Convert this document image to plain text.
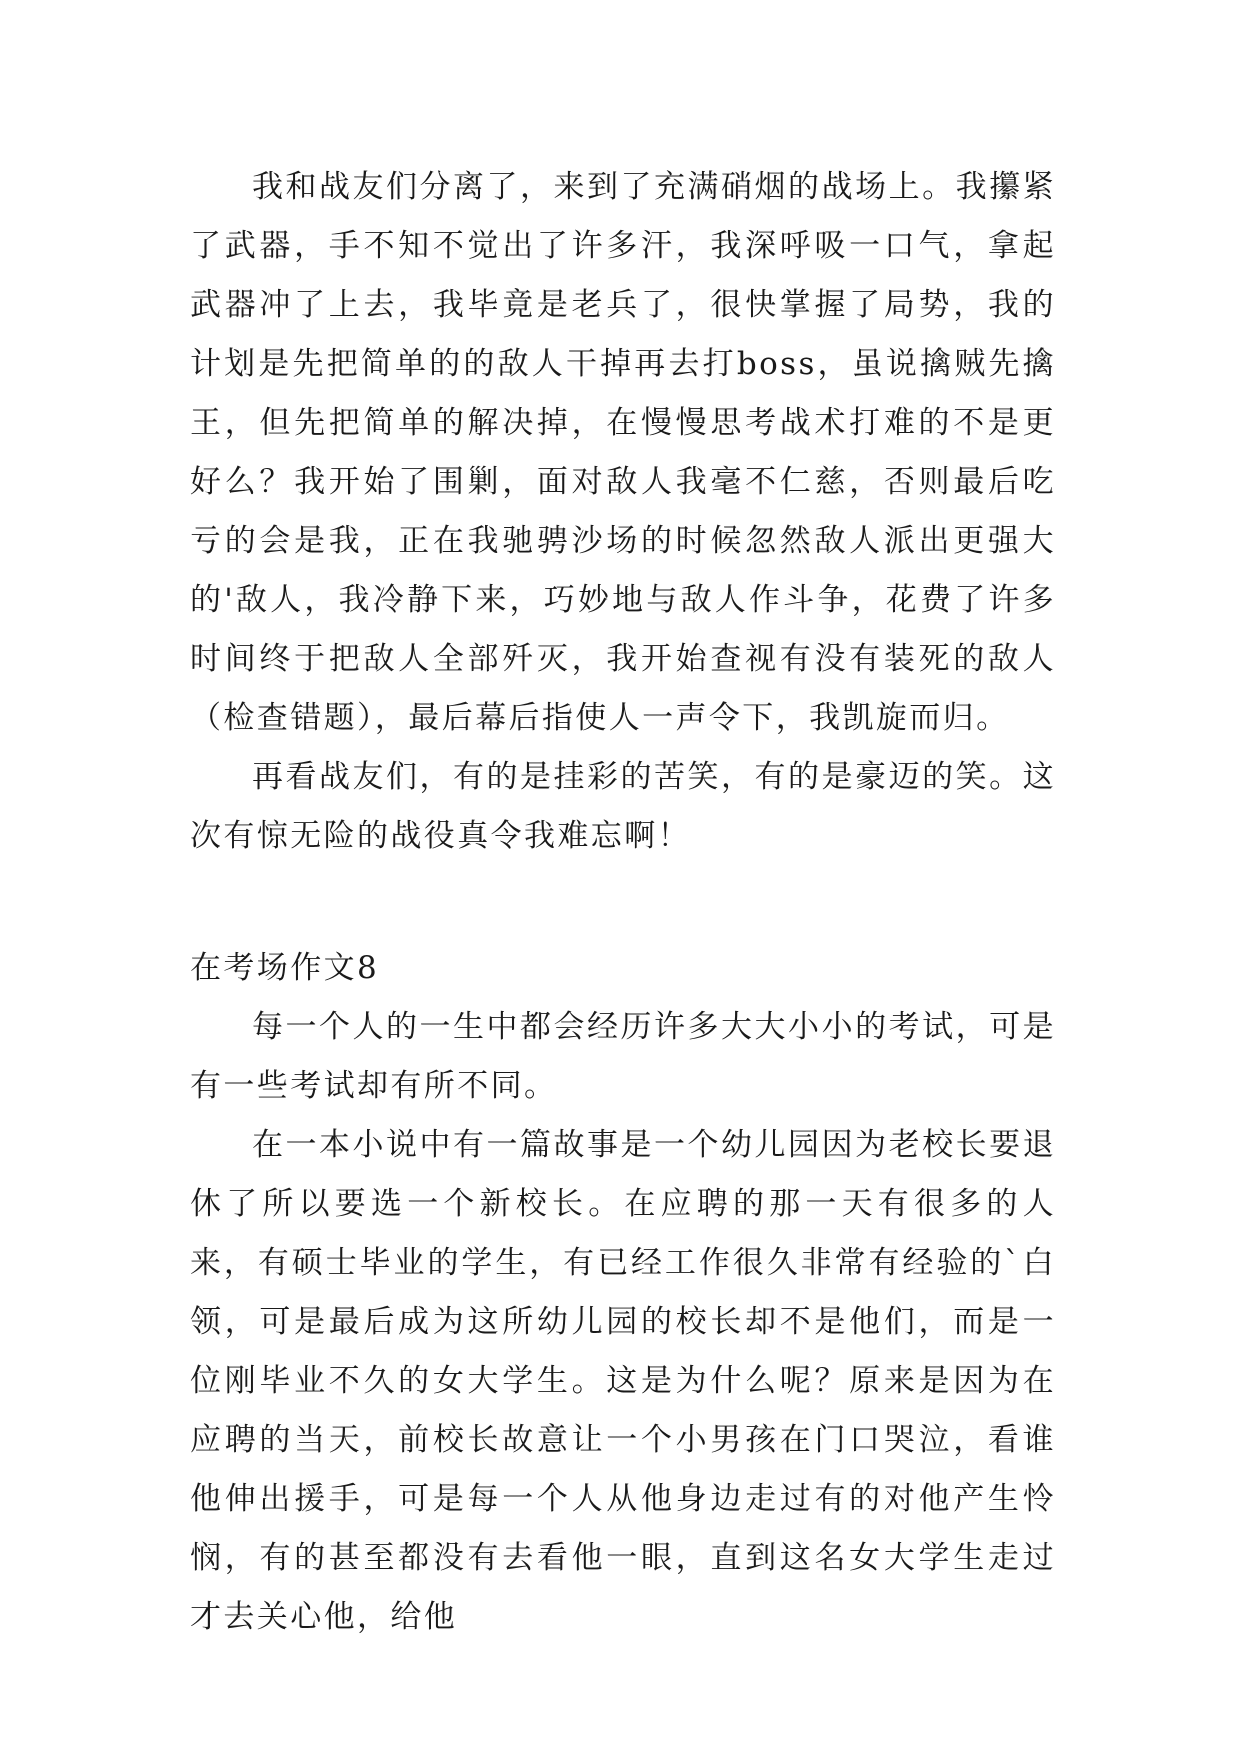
我和战友们分离了，来到了充满硝烟的战场上。我攥紧了武器，手不知不觉出了许多汗，我深呼吸一口气，拿起武器冲了上去，我毕竟是老兵了，很快掌握了局势，我的计划是先把简单的的敌人干掉再去打boss，虽说擒贼先擒王，但先把简单的解决掉，在慢慢思考战术打难的不是更好么？我开始了围剿，面对敌人我毫不仁慈，否则最后吃亏的会是我，正在我驰骋沙场的时候忽然敌人派出更强大的'敌人，我冷静下来，巧妙地与敌人作斗争，花费了许多时间终于把敌人全部歼灭，我开始查视有没有装死的敌人（检查错题），最后幕后指使人一声令下，我凯旋而归。

再看战友们，有的是挂彩的苦笑，有的是豪迈的笑。这次有惊无险的战役真令我难忘啊！

在考场作文8

每一个人的一生中都会经历许多大大小小的考试，可是有一些考试却有所不同。

在一本小说中有一篇故事是一个幼儿园因为老校长要退休了所以要选一个新校长。在应聘的那一天有很多的人来，有硕士毕业的学生，有已经工作很久非常有经验的`白领，可是最后成为这所幼儿园的校长却不是他们，而是一位刚毕业不久的女大学生。这是为什么呢？原来是因为在应聘的当天，前校长故意让一个小男孩在门口哭泣，看谁他伸出援手，可是每一个人从他身边走过有的对他产生怜悯，有的甚至都没有去看他一眼，直到这名女大学生走过才去关心他，给他
